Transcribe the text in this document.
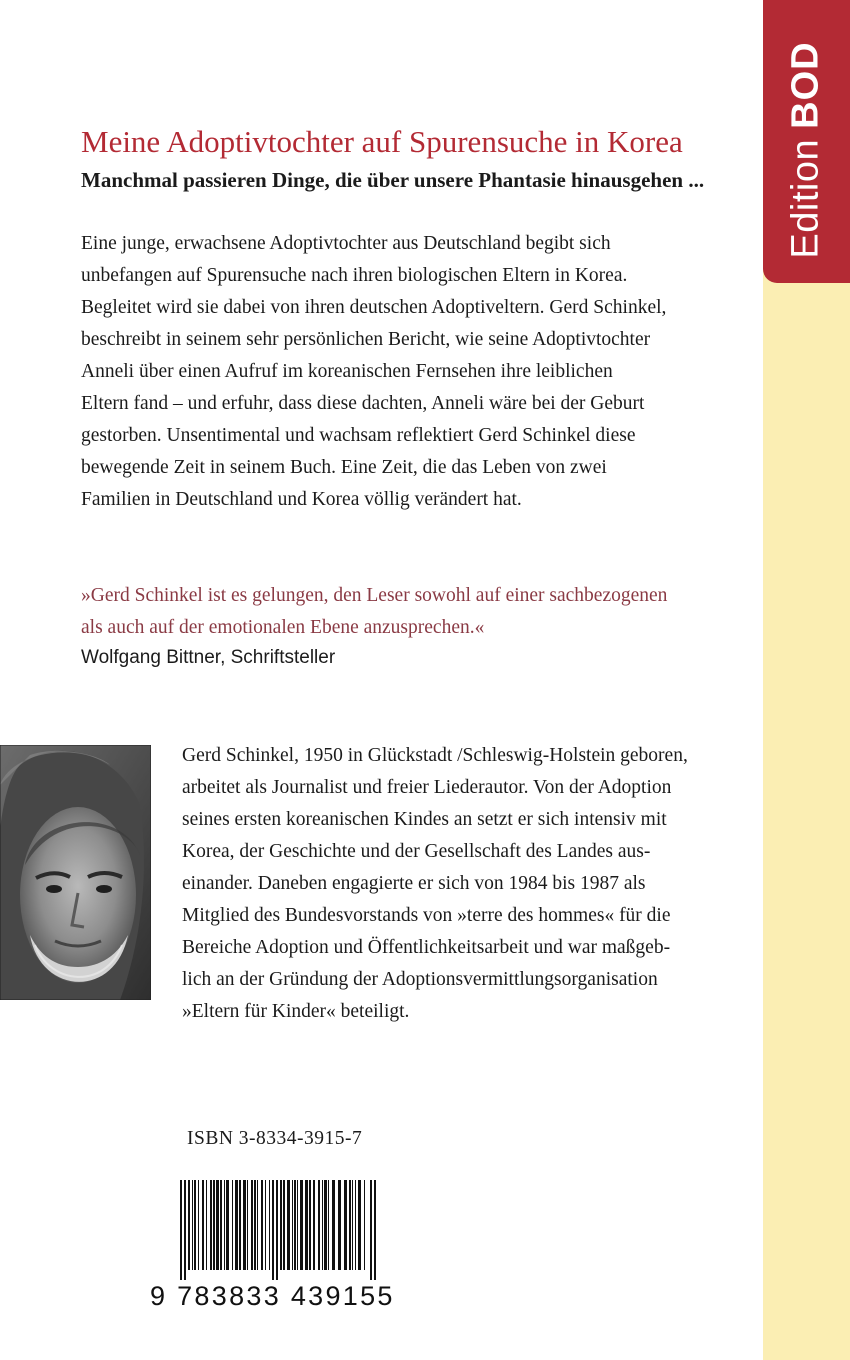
EditionBOD
Meine Adoptivtochter auf Spurensuche in Korea
Manchmal passieren Dinge, die über unsere Phantasie hinausgehen ...

Eine junge, erwachsene Adoptivtochter aus Deutschland begibt sich
unbefangen auf Spurensuche nach ihren biologischen Eltern in Korea.
Begleitet wird sie dabei von ihren deutschen Adoptiveltern. Gerd Schinkel,
beschreibt in seinem sehr persönlichen Bericht, wie seine Adoptivtochter
Anneli über einen Aufruf im koreanischen Fernsehen ihre leiblichen
Eltern fand – und erfuhr, dass diese dachten, Anneli wäre bei der Geburt
gestorben. Unsentimental und wachsam reflektiert Gerd Schinkel diese
bewegende Zeit in seinem Buch. Eine Zeit, die das Leben von zwei
Familien in Deutschland und Korea völlig verändert hat.

»Gerd Schinkel ist es gelungen, den Leser sowohl auf einer sachbezogenen
als auch auf der emotionalen Ebene anzusprechen.«

Wolfgang Bittner, Schriftsteller

Gerd Schinkel, 1950 in Glückstadt /Schleswig-Holstein geboren,
arbeitet als Journalist und freier Liederautor. Von der Adoption
seines ersten koreanischen Kindes an setzt er sich intensiv mit
Korea, der Geschichte und der Gesellschaft des Landes aus-
einander. Daneben engagierte er sich von 1984 bis 1987 als
Mitglied des Bundesvorstands von »terre des hommes« für die
Bereiche Adoption und Öffentlichkeitsarbeit und war maßgeb-
lich an der Gründung der Adoptionsvermittlungsorganisation
»Eltern für Kinder« beteiligt.

ISBN 3-8334-3915-7

9 783833 439155
